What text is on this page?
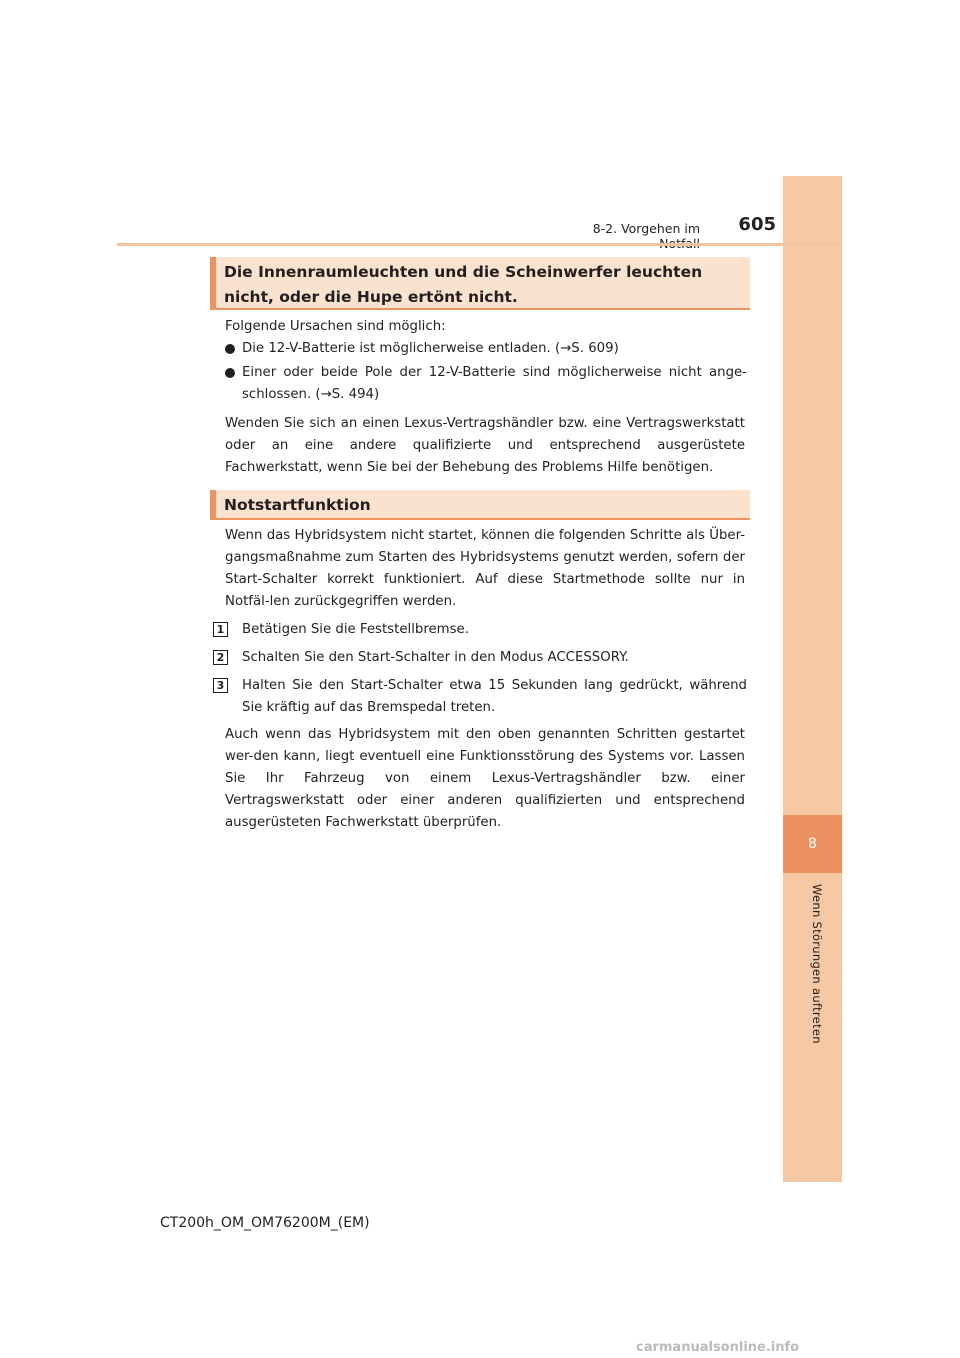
8
Wenn Störungen auftreten
8-2. Vorgehen im	605
Die Innenraumleuchten und die Scheinwerfer leuchten nicht, oder die Hupe ertönt nicht.
Folgende Ursachen sind möglich:
Die 12-V-Batterie ist möglicherweise entladen. (→S. 609)
Einer oder beide Pole der 12-V-Batterie sind möglicherweise nicht ange-schlossen. (→S. 494)
Wenden Sie sich an einen Lexus-Vertragshändler bzw. eine Vertragswerkstatt oder an eine andere qualifizierte und entsprechend ausgerüstete Fachwerkstatt, wenn Sie bei der Behebung des Problems Hilfe benötigen.
Notstartfunktion
Wenn das Hybridsystem nicht startet, können die folgenden Schritte als Über-gangsmaßnahme zum Starten des Hybridsystems genutzt werden, sofern der Start-Schalter korrekt funktioniert. Auf diese Startmethode sollte nur in Notfäl-len zurückgegriffen werden.
1 Betätigen Sie die Feststellbremse.
2 Schalten Sie den Start-Schalter in den Modus ACCESSORY.
3 Halten Sie den Start-Schalter etwa 15 Sekunden lang gedrückt, während Sie kräftig auf das Bremspedal treten.
Auch wenn das Hybridsystem mit den oben genannten Schritten gestartet wer-den kann, liegt eventuell eine Funktionsstörung des Systems vor. Lassen Sie Ihr Fahrzeug von einem Lexus-Vertragshändler bzw. einer Vertragswerkstatt oder einer anderen qualifizierten und entsprechend ausgerüsteten Fachwerkstatt überprüfen.
CT200h_OM_OM76200M_(EM)
carmanualsonline.info
